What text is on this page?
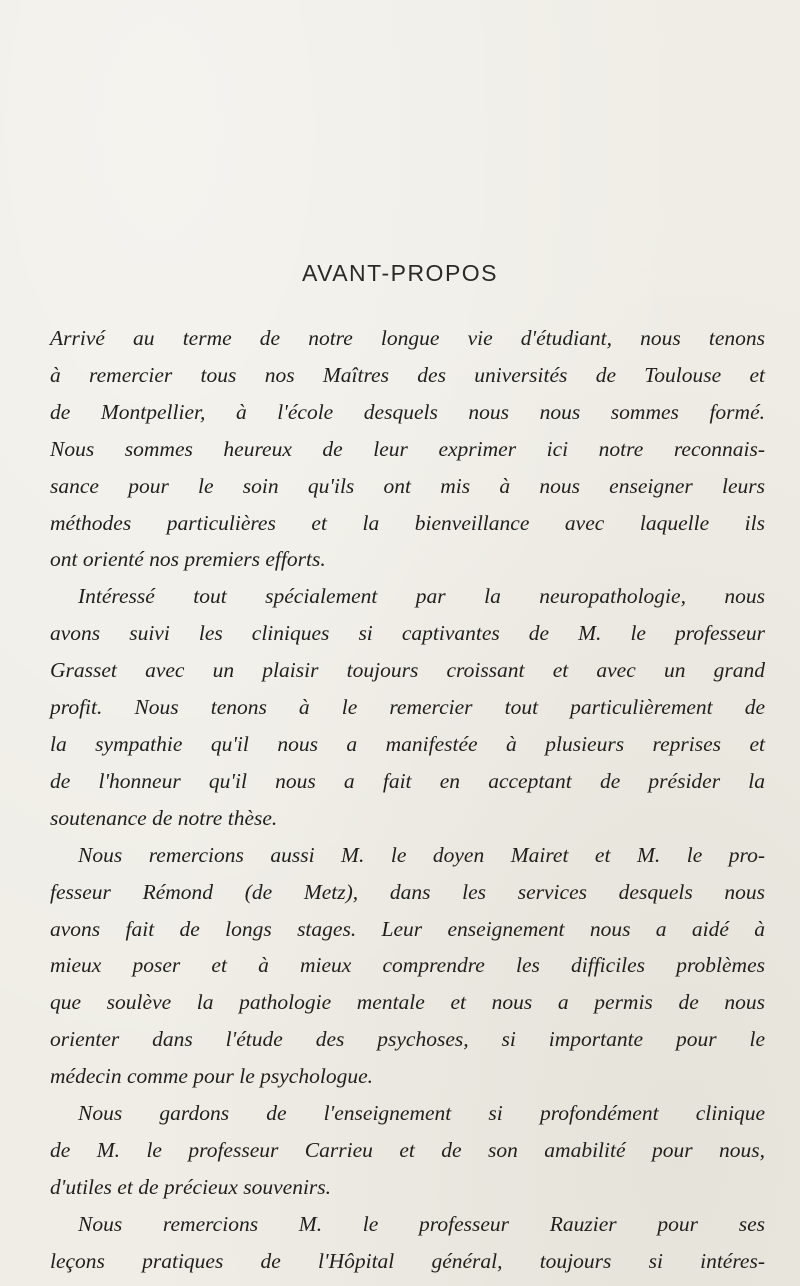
AVANT-PROPOS
Arrivé au terme de notre longue vie d'étudiant, nous tenons
à remercier tous nos Maîtres des universités de Toulouse et
de Montpellier, à l'école desquels nous nous sommes formé.
Nous sommes heureux de leur exprimer ici notre reconnais-
sance pour le soin qu'ils ont mis à nous enseigner leurs
méthodes particulières et la bienveillance avec laquelle ils
ont orienté nos premiers efforts.
Intéressé tout spécialement par la neuropathologie, nous
avons suivi les cliniques si captivantes de M. le professeur
Grasset avec un plaisir toujours croissant et avec un grand
profit. Nous tenons à le remercier tout particulièrement de
la sympathie qu'il nous a manifestée à plusieurs reprises et
de l'honneur qu'il nous a fait en acceptant de présider la
soutenance de notre thèse.
Nous remercions aussi M. le doyen Mairet et M. le pro-
fesseur Rémond (de Metz), dans les services desquels nous
avons fait de longs stages. Leur enseignement nous a aidé à
mieux poser et à mieux comprendre les difficiles problèmes
que soulève la pathologie mentale et nous a permis de nous
orienter dans l'étude des psychoses, si importante pour le
médecin comme pour le psychologue.
Nous gardons de l'enseignement si profondément clinique
de M. le professeur Carrieu et de son amabilité pour nous,
d'utiles et de précieux souvenirs.
Nous remercions M. le professeur Rauzier pour ses
leçons pratiques de l'Hôpital général, toujours si intéres-
